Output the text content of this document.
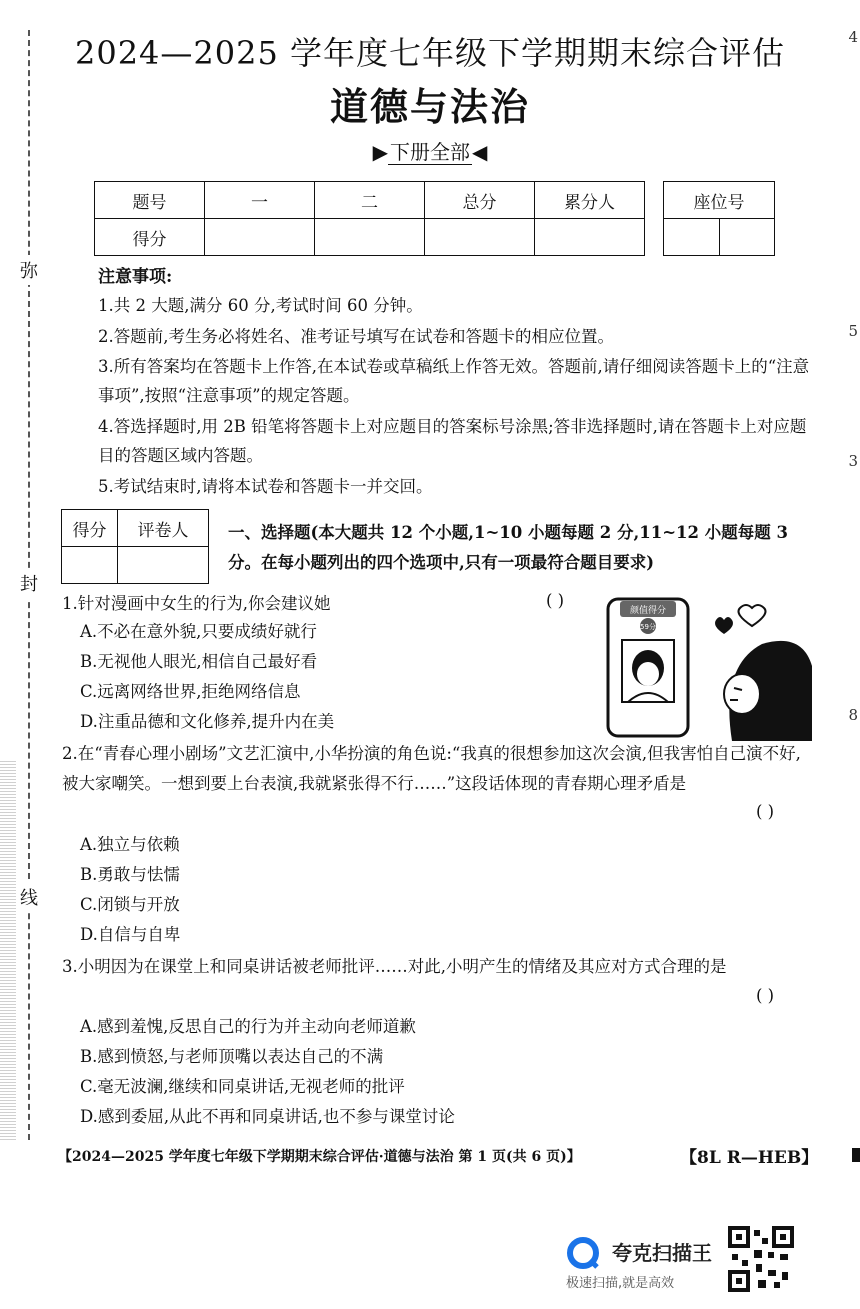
弥
封
线
4
5
3
8
2024—2025 学年度七年级下学期期末综合评估
道德与法治
▶ 下册全部 ◀
题号	一	二	总分	累分人
得分				
座位号

注意事项:
1.共 2 大题,满分 60 分,考试时间 60 分钟。
2.答题前,考生务必将姓名、准考证号填写在试卷和答题卡的相应位置。
3.所有答案均在答题卡上作答,在本试卷或草稿纸上作答无效。答题前,请仔细阅读答题卡上的“注意事项”,按照“注意事项”的规定答题。
4.答选择题时,用 2B 铅笔将答题卡上对应题目的答案标号涂黑;答非选择题时,请在答题卡上对应题目的答题区域内答题。
5.考试结束时,请将本试卷和答题卡一并交回。
得分	评卷人
	一、选择题(本大题共 12 个小题,1~10 小题每题 2 分,11~12 小题每题 3 分。在每小题列出的四个选项中,只有一项最符合题目要求)
1.针对漫画中女生的行为,你会建议她	( )
A.不必在意外貌,只要成绩好就行
B.无视他人眼光,相信自己最好看
C.远离网络世界,拒绝网络信息
D.注重品德和文化修养,提升内在美
颜值得分
59分
2.在“青春心理小剧场”文艺汇演中,小华扮演的角色说:“我真的很想参加这次会演,但我害怕自己演不好,被大家嘲笑。一想到要上台表演,我就紧张得不行……”这段话体现的青春期心理矛盾是
( )
A.独立与依赖
B.勇敢与怯懦
C.闭锁与开放
D.自信与自卑
3.小明因为在课堂上和同桌讲话被老师批评……对此,小明产生的情绪及其应对方式合理的是
( )
A.感到羞愧,反思自己的行为并主动向老师道歉
B.感到愤怒,与老师顶嘴以表达自己的不满
C.毫无波澜,继续和同桌讲话,无视老师的批评
D.感到委屈,从此不再和同桌讲话,也不参与课堂讨论
【2024—2025 学年度七年级下学期期末综合评估·道德与法治 第 1 页(共 6 页)】	【8L R—HEB】
夸克扫描王
极速扫描,就是高效
